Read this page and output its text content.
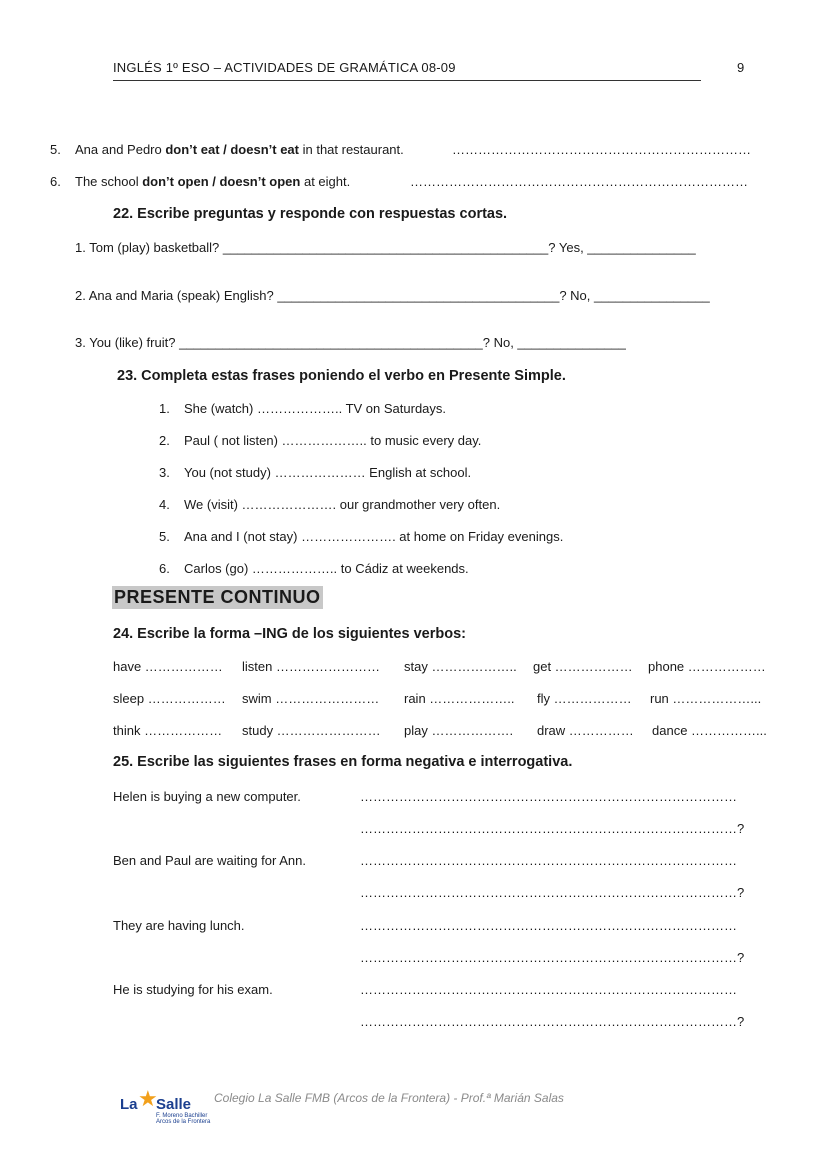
INGLÉS 1º ESO – ACTIVIDADES DE GRAMÁTICA 08-09	9
5. Ana and Pedro don’t eat / doesn’t eat in that restaurant.	……………………………………………………………
6. The school don’t open / doesn’t open at eight.	……………………………………………………………………
22. Escribe preguntas y responde con respuestas cortas.
1. Tom (play) basketball? _____________________________________________? Yes, _______________
2. Ana and Maria (speak) English? _______________________________________? No, ________________
3. You (like) fruit? __________________________________________? No, _______________
23. Completa estas frases poniendo el verbo en Presente Simple.
1. She (watch) ……………….. TV on Saturdays.
2. Paul ( not listen) ……………….. to music every day.
3. You (not study) ………………… English at school.
4. We (visit) …………………. our grandmother very often.
5. Ana and I (not stay) …………………. at home on Friday evenings.
6. Carlos (go) ……………….. to Cádiz at weekends.
PRESENTE CONTINUO
24. Escribe la forma –ING de los siguientes verbos:
have ……………… listen …………………… stay ……………….. get ……………… phone ………………
sleep ……………… swim …………………… rain ……………….. fly ……………… run ………………...
think ……………… study …………………… play ………………. draw …………… dance ……………...
25. Escribe las siguientes frases en forma negativa e interrogativa.
Helen is buying a new computer.	……………………………………………………………………………
……………………………………………………………………………?
Ben and Paul are waiting for Ann.	……………………………………………………………………………
……………………………………………………………………………?
They are having lunch.	……………………………………………………………………………
……………………………………………………………………………?
He is studying for his exam.	……………………………………………………………………………
……………………………………………………………………………?
La ★
Salle
F. Moreno Bachiller
Arcos de la Frontera
Colegio La Salle FMB (Arcos de la Frontera) - Prof.ª Marián Salas
